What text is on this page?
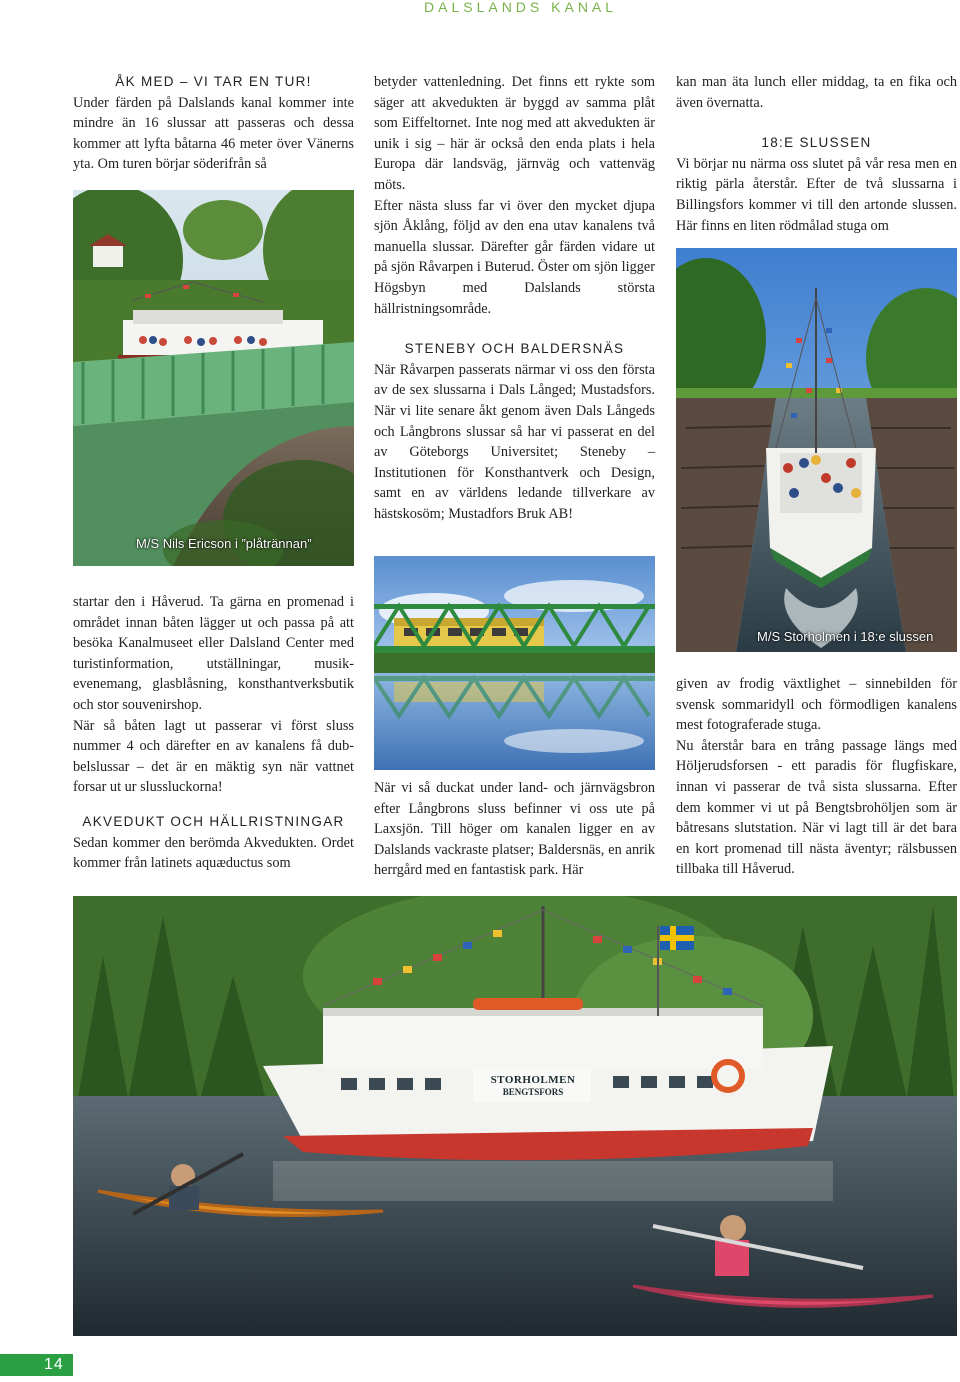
DALSLANDS KANAL
ÅK MED – VI TAR EN TUR!
Under färden på Dalslands kanal kommer inte mindre än 16 slussar att passeras och dessa kommer att lyfta båtarna 46 meter över Vänerns yta. Om turen börjar söderifrån så
M/S Nils Ericson i ”plåtrännan”
startar den i Håverud. Ta gärna en promenad i området innan båten lägger ut och passa på att besöka Kanalmuseet eller Dalsland Center med turistinformation, utställningar, musikevenemang, glasblåsning, konsthantverksbutik och stor souvenirshop.
När så båten lagt ut passerar vi först sluss nummer 4 och därefter en av kanalens få dubbelslussar – det är en mäktig syn när vattnet forsar ut ur slussluckorna!
AKVEDUKT OCH HÄLLRISTNINGAR
Sedan kommer den berömda Akvedukten. Ordet kommer från latinets aquæductus som
betyder vattenledning. Det finns ett rykte som säger att akvedukten är byggd av samma plåt som Eiffeltornet. Inte nog med att akvedukten är unik i sig – här är också den enda plats i hela Europa där landsväg, järnväg och vattenväg möts.
Efter nästa sluss far vi över den mycket djupa sjön Åklång, följd av den ena utav kanalens två manuella slussar. Därefter går färden vidare ut på sjön Råvarpen i Buterud. Öster om sjön ligger Högsbyn med Dalslands största hällristningsområde.
STENEBY OCH BALDERSNÄS
När Råvarpen passerats närmar vi oss den första av de sex slussarna i Dals Långed; Mustadsfors. När vi lite senare åkt genom även Dals Långeds och Långbrons slussar så har vi passerat en del av Göteborgs Universitet; Steneby – Institutionen för Konsthantverk och Design, samt en av världens ledande tillverkare av hästskosöm; Mustadfors Bruk AB!
När vi så duckat under land- och järnvägsbron efter Långbrons sluss befinner vi oss ute på Laxsjön. Till höger om kanalen ligger en av Dalslands vackraste platser; Baldersnäs, en anrik herrgård med en fantastisk park. Här
kan man äta lunch eller middag, ta en fika och även övernatta.
18:E SLUSSEN
Vi börjar nu närma oss slutet på vår resa men en riktig pärla återstår. Efter de två slussarna i Billingsfors kommer vi till den artonde slussen. Här finns en liten rödmålad stuga om
M/S Storholmen i 18:e slussen
given av frodig växtlighet – sinnebilden för svensk sommaridyll och förmodligen kanalens mest fotograferade stuga.
Nu återstår bara en trång passage längs med Höljerudsforsen - ett paradis för flugfiskare, innan vi passerar de två sista slussarna. Efter dem kommer vi ut på Bengtsbrohöljen som är båtresans slutstation. När vi lagt till är det bara en kort promenad till nästa äventyr; rälsbussen tillbaka till Håverud.
STORHOLMEN
BENGTSFORS
14
